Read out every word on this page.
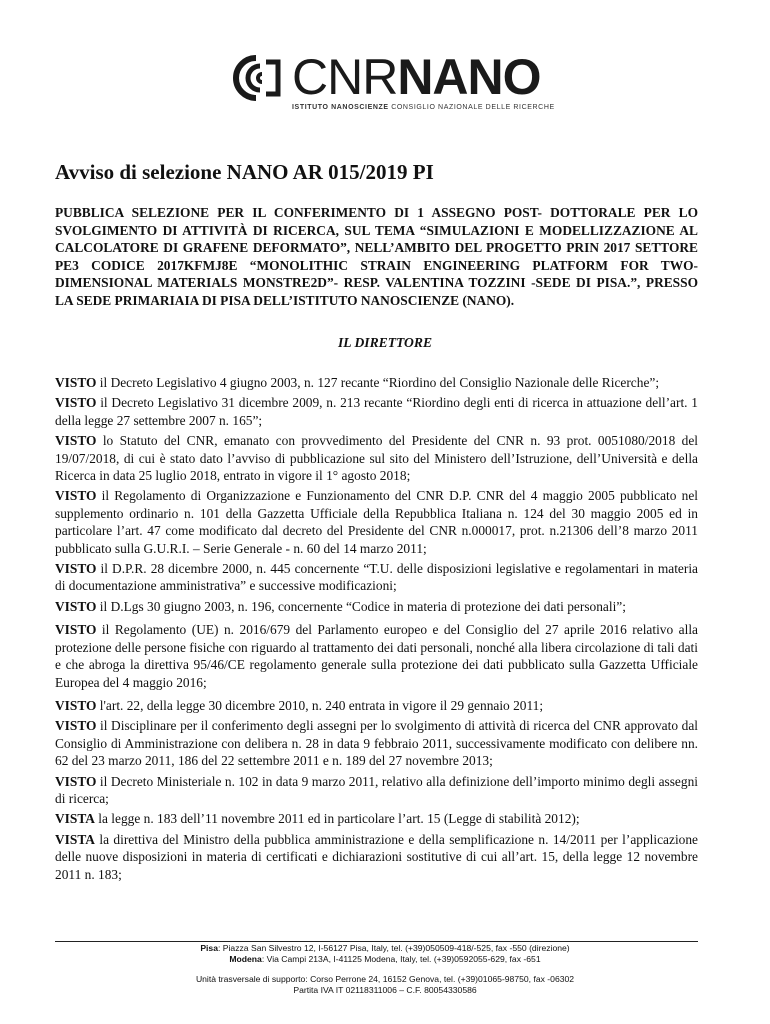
CNRNANO
ISTITUTO NANOSCIENZE CONSIGLIO NAZIONALE DELLE RICERCHE
Avviso di selezione NANO AR 015/2019 PI

PUBBLICA SELEZIONE PER IL CONFERIMENTO DI 1 ASSEGNO POST- DOTTORALE PER LO SVOLGIMENTO DI ATTIVITÀ DI RICERCA, SUL TEMA “SIMULAZIONI E MODELLIZZAZIONE AL CALCOLATORE DI GRAFENE DEFORMATO”, NELL’AMBITO DEL PROGETTO PRIN 2017 SETTORE PE3 CODICE 2017KFMJ8E “MONOLITHIC STRAIN ENGINEERING PLATFORM FOR TWO-DIMENSIONAL MATERIALS MONSTRE2D”- RESP. VALENTINA TOZZINI -SEDE DI PISA.”, PRESSO LA SEDE PRIMARIAIA DI PISA DELL’ISTITUTO NANOSCIENZE (NANO).

IL DIRETTORE
VISTO il Decreto Legislativo 4 giugno 2003, n. 127 recante “Riordino del Consiglio Nazionale delle Ricerche”;
VISTO il Decreto Legislativo 31 dicembre 2009, n. 213 recante “Riordino degli enti di ricerca in attuazione dell’art. 1 della legge 27 settembre 2007 n. 165”;
VISTO lo Statuto del CNR, emanato con provvedimento del Presidente del CNR n. 93 prot. 0051080/2018 del 19/07/2018, di cui è stato dato l’avviso di pubblicazione sul sito del Ministero dell’Istruzione, dell’Università e della Ricerca in data 25 luglio 2018, entrato in vigore il 1° agosto 2018;
VISTO il Regolamento di Organizzazione e Funzionamento del CNR D.P. CNR del 4 maggio 2005 pubblicato nel supplemento ordinario n. 101 della Gazzetta Ufficiale della Repubblica Italiana n. 124 del 30 maggio 2005 ed in particolare l’art. 47 come modificato dal decreto del Presidente del CNR n.000017, prot. n.21306 dell’8 marzo 2011 pubblicato sulla G.U.R.I. – Serie Generale - n. 60 del 14 marzo 2011;
VISTO il D.P.R. 28 dicembre 2000, n. 445 concernente “T.U. delle disposizioni legislative e regolamentari in materia di documentazione amministrativa” e successive modificazioni;
VISTO il D.Lgs 30 giugno 2003, n. 196, concernente “Codice in materia di protezione dei dati personali”;
VISTO il Regolamento (UE) n. 2016/679 del Parlamento europeo e del Consiglio del 27 aprile 2016 relativo alla protezione delle persone fisiche con riguardo al trattamento dei dati personali, nonché alla libera circolazione di tali dati e che abroga la direttiva 95/46/CE regolamento generale sulla protezione dei dati pubblicato sulla Gazzetta Ufficiale Europea del 4 maggio 2016;
VISTO l'art. 22, della legge 30 dicembre 2010, n. 240 entrata in vigore il 29 gennaio 2011;
VISTO il Disciplinare per il conferimento degli assegni per lo svolgimento di attività di ricerca del CNR approvato dal Consiglio di Amministrazione con delibera n. 28 in data 9 febbraio 2011, successivamente modificato con delibere nn. 62 del 23 marzo 2011, 186 del 22 settembre 2011 e n. 189 del 27 novembre 2013;
VISTO il Decreto Ministeriale n. 102 in data 9 marzo 2011, relativo alla definizione dell’importo minimo degli assegni di ricerca;
VISTA la legge n. 183 dell’11 novembre 2011 ed in particolare l’art. 15 (Legge di stabilità 2012);
VISTA la direttiva del Ministro della pubblica amministrazione e della semplificazione n. 14/2011 per l’applicazione delle nuove disposizioni in materia di certificati e dichiarazioni sostitutive di cui all’art. 15, della legge 12 novembre 2011 n. 183;
Pisa: Piazza San Silvestro 12, I-56127 Pisa, Italy, tel. (+39)050509-418/-525, fax -550 (direzione)
Modena: Via Campi 213A, I-41125 Modena, Italy, tel. (+39)0592055-629, fax -651
Unità trasversale di supporto: Corso Perrone 24, 16152 Genova, tel. (+39)01065-98750, fax -06302
Partita IVA IT 02118311006 – C.F. 80054330586
